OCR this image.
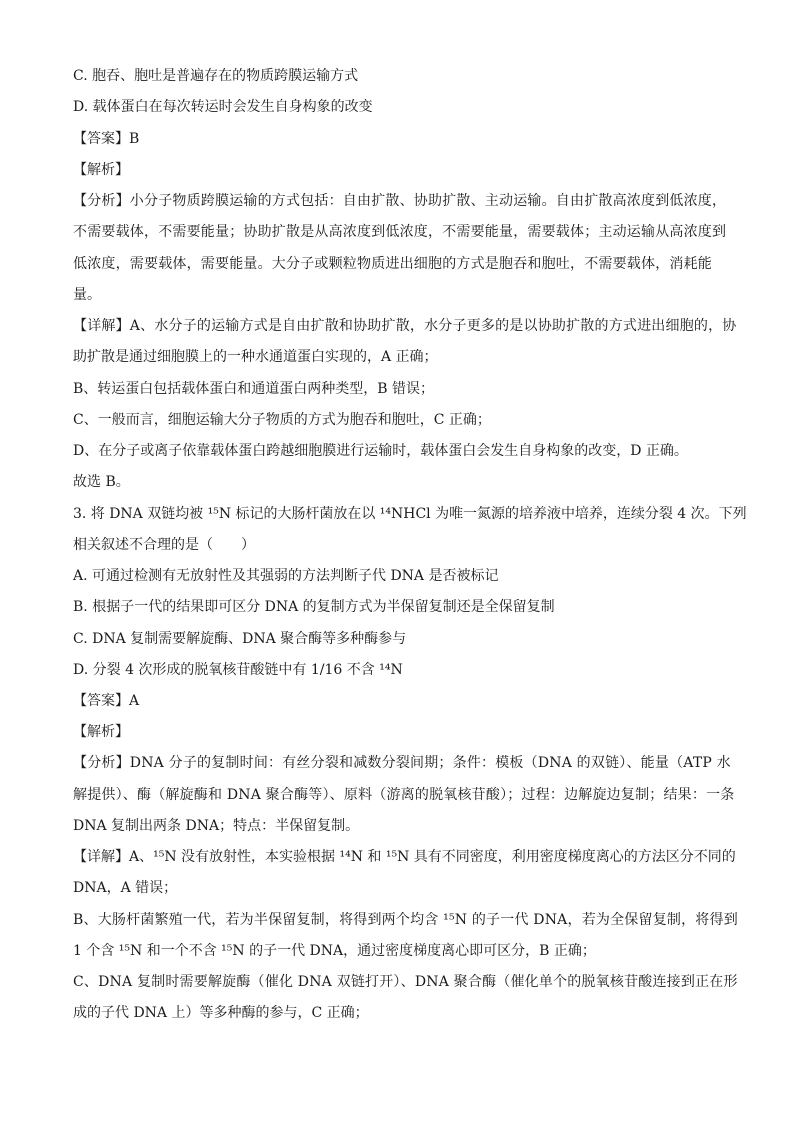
C. 胞吞、胞吐是普遍存在的物质跨膜运输方式
D. 载体蛋白在每次转运时会发生自身构象的改变
【答案】B
【解析】
【分析】小分子物质跨膜运输的方式包括：自由扩散、协助扩散、主动运输。自由扩散高浓度到低浓度，
不需要载体，不需要能量；协助扩散是从高浓度到低浓度，不需要能量，需要载体；主动运输从高浓度到
低浓度，需要载体，需要能量。大分子或颗粒物质进出细胞的方式是胞吞和胞吐，不需要载体，消耗能
量。
【详解】A、水分子的运输方式是自由扩散和协助扩散，水分子更多的是以协助扩散的方式进出细胞的，协
助扩散是通过细胞膜上的一种水通道蛋白实现的，A 正确；
B、转运蛋白包括载体蛋白和通道蛋白两种类型，B 错误；
C、一般而言，细胞运输大分子物质的方式为胞吞和胞吐，C 正确；
D、在分子或离子依靠载体蛋白跨越细胞膜进行运输时，载体蛋白会发生自身构象的改变，D 正确。
故选 B。
3. 将 DNA 双链均被 ¹⁵N 标记的大肠杆菌放在以 ¹⁴NHCl 为唯一氮源的培养液中培养，连续分裂 4 次。下列
相关叙述不合理的是（　　）
A. 可通过检测有无放射性及其强弱的方法判断子代 DNA 是否被标记
B. 根据子一代的结果即可区分 DNA 的复制方式为半保留复制还是全保留复制
C. DNA 复制需要解旋酶、DNA 聚合酶等多种酶参与
D. 分裂 4 次形成的脱氧核苷酸链中有 1/16 不含 ¹⁴N
【答案】A
【解析】
【分析】DNA 分子的复制时间：有丝分裂和减数分裂间期；条件：模板（DNA 的双链）、能量（ATP 水
解提供）、酶（解旋酶和 DNA 聚合酶等）、原料（游离的脱氧核苷酸）；过程：边解旋边复制；结果：一条
DNA 复制出两条 DNA；特点：半保留复制。
【详解】A、¹⁵N 没有放射性，本实验根据 ¹⁴N 和 ¹⁵N 具有不同密度，利用密度梯度离心的方法区分不同的
DNA，A 错误；
B、大肠杆菌繁殖一代，若为半保留复制，将得到两个均含 ¹⁵N 的子一代 DNA，若为全保留复制，将得到
1 个含 ¹⁵N 和一个不含 ¹⁵N 的子一代 DNA，通过密度梯度离心即可区分，B 正确；
C、DNA 复制时需要解旋酶（催化 DNA 双链打开）、DNA 聚合酶（催化单个的脱氧核苷酸连接到正在形
成的子代 DNA 上）等多种酶的参与，C 正确；
